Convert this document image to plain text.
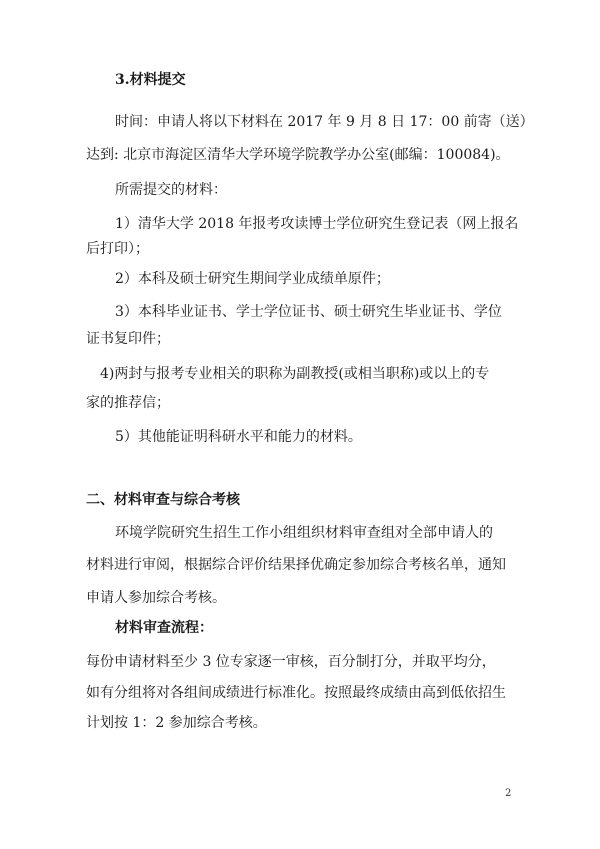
3.材料提交
时间：申请人将以下材料在 2017 年 9 月 8 日 17：00 前寄（送）
达到: 北京市海淀区清华大学环境学院教学办公室(邮编：100084)。
所需提交的材料：
1）清华大学 2018 年报考攻读博士学位研究生登记表（网上报名
后打印）；
2）本科及硕士研究生期间学业成绩单原件；
3）本科毕业证书、学士学位证书、硕士研究生毕业证书、学位
证书复印件；
4)两封与报考专业相关的职称为副教授(或相当职称)或以上的专
家的推荐信；
5）其他能证明科研水平和能力的材料。
二、材料审查与综合考核
环境学院研究生招生工作小组组织材料审查组对全部申请人的
材料进行审阅，根据综合评价结果择优确定参加综合考核名单，通知
申请人参加综合考核。
材料审查流程：
每份申请材料至少 3 位专家逐一审核，百分制打分，并取平均分，
如有分组将对各组间成绩进行标准化。按照最终成绩由高到低依招生
计划按 1：2 参加综合考核。
2
